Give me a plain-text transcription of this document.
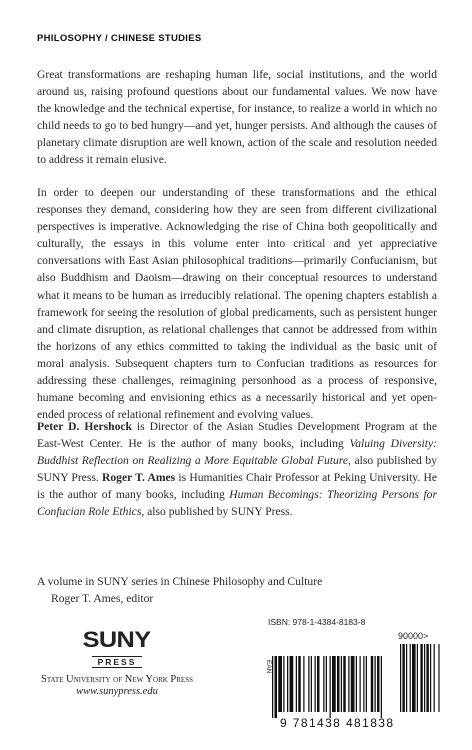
PHILOSOPHY / CHINESE STUDIES

Great transformations are reshaping human life, social institutions, and the world around us, raising profound questions about our fundamental values. We now have the knowledge and the technical expertise, for instance, to realize a world in which no child needs to go to bed hungry—and yet, hunger persists. And although the causes of planetary climate disruption are well known, action of the scale and resolution needed to address it remain elusive.

In order to deepen our understanding of these transformations and the ethical responses they demand, considering how they are seen from different civilizational perspectives is imperative. Acknowledging the rise of China both geopolitically and culturally, the essays in this volume enter into critical and yet appreciative conversations with East Asian philosophical traditions—primarily Confucianism, but also Buddhism and Daoism—drawing on their conceptual resources to understand what it means to be human as irreducibly relational. The opening chapters establish a framework for seeing the resolution of global predicaments, such as persistent hunger and climate disruption, as relational challenges that cannot be addressed from within the horizons of any ethics committed to taking the individual as the basic unit of moral analysis. Subsequent chapters turn to Confucian traditions as resources for addressing these challenges, reimagining personhood as a process of responsive, humane becoming and envisioning ethics as a necessarily historical and yet open-ended process of relational refinement and evolving values.

Peter D. Hershock is Director of the Asian Studies Development Program at the East-West Center. He is the author of many books, including Valuing Diversity: Buddhist Reflection on Realizing a More Equitable Global Future, also published by SUNY Press. Roger T. Ames is Humanities Chair Professor at Peking University. He is the author of many books, including Human Becomings: Theorizing Persons for Confucian Role Ethics, also published by SUNY Press.

A volume in SUNY series in Chinese Philosophy and Culture
Roger T. Ames, editor
SUNY
PRESS
State University of New York Press
www.sunypress.edu
ISBN: 978-1-4384-8183-8
90000>
EAN
9 781438 481838
